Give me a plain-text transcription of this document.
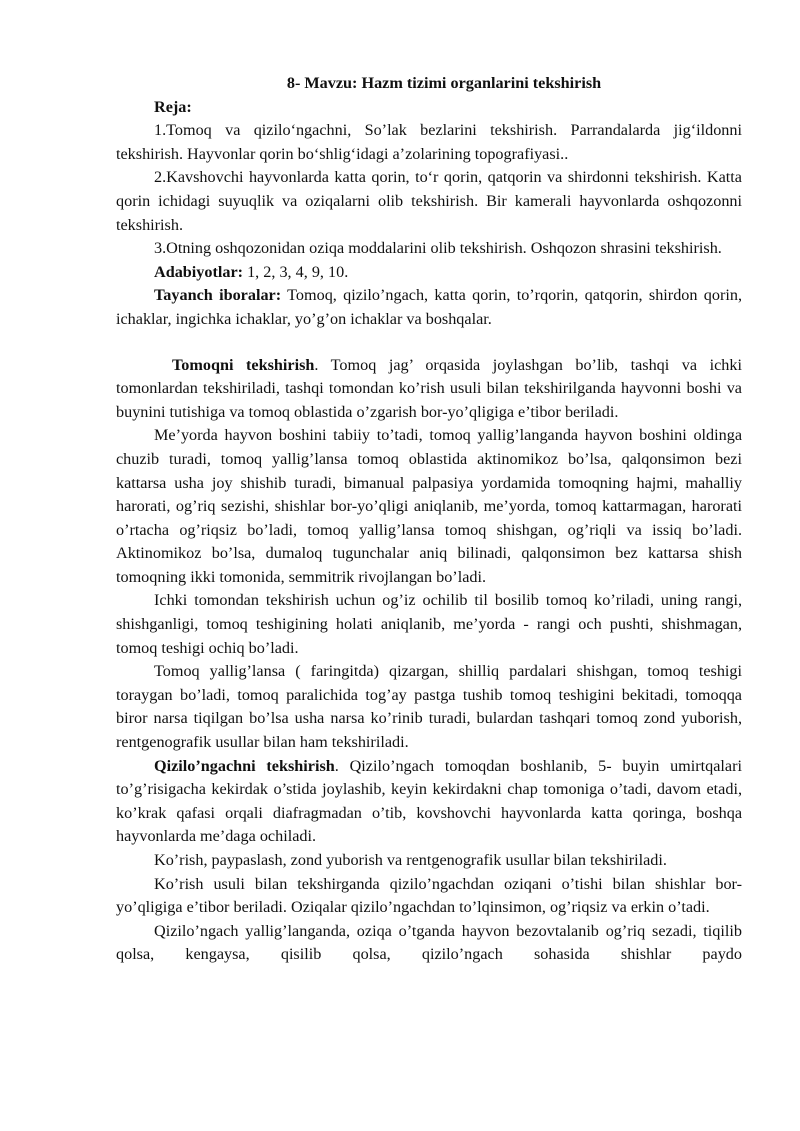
8- Mavzu: Hazm tizimi organlarini tekshirish

Reja:

1.Tomoq va qizilo‘ngachni, So’lak bezlarini tekshirish. Parrandalarda jig‘ildonni tekshirish. Hayvonlar qorin bo‘shlig‘idagi a’zolarining topografiyasi..

2.Kavshovchi hayvonlarda katta qorin, to‘r qorin, qatqorin va shirdonni tekshirish. Katta qorin ichidagi suyuqlik va oziqalarni olib tekshirish. Bir kamerali hayvonlarda oshqozonni tekshirish.

3.Otning oshqozonidan oziqa moddalarini olib tekshirish. Oshqozon shrasini tekshirish.

Adabiyotlar: 1, 2, 3, 4, 9, 10.

Tayanch iboralar: Tomoq, qizilo’ngach, katta qorin, to’rqorin, qatqorin, shirdon qorin, ichaklar, ingichka ichaklar, yo’g’on ichaklar va boshqalar.

Tomoqni tekshirish. Tomoq jag’ orqasida joylashgan bo’lib, tashqi va ichki tomonlardan tekshiriladi, tashqi tomondan ko’rish usuli bilan tekshirilganda hayvonni boshi va buynini tutishiga va tomoq oblastida o’zgarish bor-yo’qligiga e’tibor beriladi.

Me’yorda hayvon boshini tabiiy to’tadi, tomoq yallig’langanda hayvon boshini oldinga chuzib turadi, tomoq yallig’lansa tomoq oblastida aktinomikoz bo’lsa, qalqonsimon bezi kattarsa usha joy shishib turadi, bimanual palpasiya yordamida tomoqning hajmi, mahalliy harorati, og’riq sezishi, shishlar bor-yo’qligi aniqlanib, me’yorda, tomoq kattarmagan, harorati o’rtacha og’riqsiz bo’ladi, tomoq yallig’lansa tomoq shishgan, og’riqli va issiq bo’ladi. Aktinomikoz bo’lsa, dumaloq tugunchalar aniq bilinadi, qalqonsimon bez kattarsa shish tomoqning ikki tomonida, semmitrik rivojlangan bo’ladi.

Ichki tomondan tekshirish uchun og’iz ochilib til bosilib tomoq ko’riladi, uning rangi, shishganligi, tomoq teshigining holati aniqlanib, me’yorda - rangi och pushti, shishmagan, tomoq teshigi ochiq bo’ladi.

Tomoq yallig’lansa ( faringitda) qizargan, shilliq pardalari shishgan, tomoq teshigi toraygan bo’ladi, tomoq paralichida tog’ay pastga tushib tomoq teshigini bekitadi, tomoqqa biror narsa tiqilgan bo’lsa usha narsa ko’rinib turadi, bulardan tashqari tomoq zond yuborish, rentgenografik usullar bilan ham tekshiriladi.

Qizilo’ngachni tekshirish. Qizilo’ngach tomoqdan boshlanib, 5- buyin umirtqalari to’g’risigacha kekirdak o’stida joylashib, keyin kekirdakni chap tomoniga o’tadi, davom etadi, ko’krak qafasi orqali diafragmadan o’tib, kovshovchi hayvonlarda katta qoringa, boshqa hayvonlarda me’daga ochiladi.

Ko’rish, paypaslash, zond yuborish va rentgenografik usullar bilan tekshiriladi.

Ko’rish usuli bilan tekshirganda qizilo’ngachdan oziqani o’tishi bilan shishlar bor-yo’qligiga e’tibor beriladi. Oziqalar qizilo’ngachdan to’lqinsimon, og’riqsiz va erkin o’tadi.

Qizilo’ngach yallig’langanda, oziqa o’tganda hayvon bezovtalanib og’riq sezadi, tiqilib qolsa, kengaysa, qisilib qolsa, qizilo’ngach sohasida shishlar paydo
